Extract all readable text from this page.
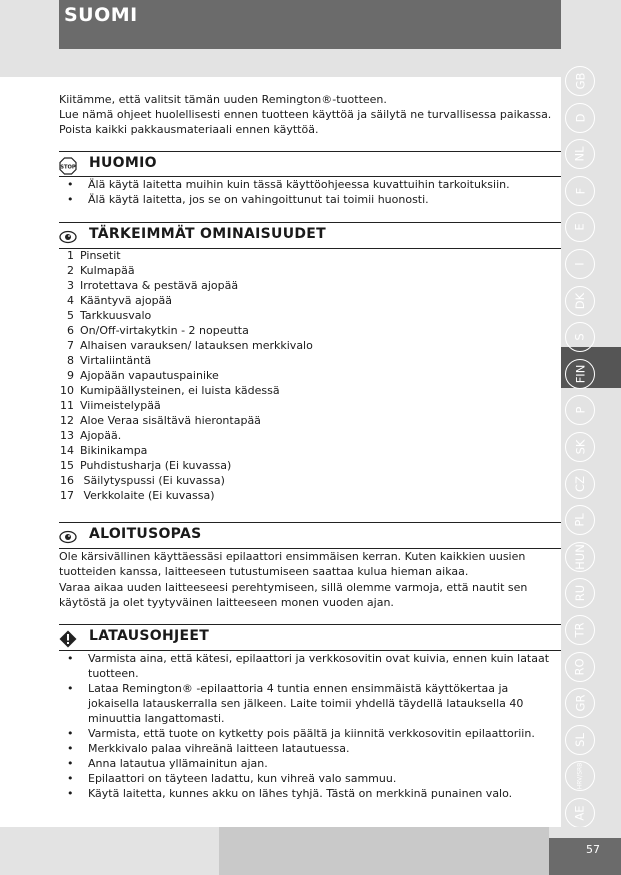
SUOMI
GB
D
NL
F
E
I
DK
S
FIN
P
SK
CZ
PL
HUN
RU
TR
RO
GR
SL
HRV/SRB
AE
57

Kiitämme, että valitsit tämän uuden Remington®-tuotteen.

Lue nämä ohjeet huolellisesti ennen tuotteen käyttöä ja säilytä ne turvallisessa paikassa.

Poista kaikki pakkausmateriaali ennen käyttöä.

STOP HUOMIO
• Älä käytä laitetta muihin kuin tässä käyttöohjeessa kuvattuihin tarkoituksiin.
• Älä käytä laitetta, jos se on vahingoittunut tai toimii huonosti.
TÄRKEIMMÄT OMINAISUUDET
1 Pinsetit
2 Kulmapää
3 Irrotettava & pestävä ajopää
4 Kääntyvä ajopää
5 Tarkkuusvalo
6 On/Off-virtakytkin - 2 nopeutta
7 Alhaisen varauksen/ latauksen merkkivalo
8 Virtaliintäntä
9 Ajopään vapautuspainike
10 Kumipäällysteinen, ei luista kädessä
11 Viimeistelypää
12 Aloe Veraa sisältävä hierontapää
13 Ajopää.
14 Bikinikampa
15 Puhdistusharja (Ei kuvassa)
16 Säilytyspussi (Ei kuvassa)
17 Verkkolaite (Ei kuvassa)
ALOITUSOPAS

Ole kärsivällinen käyttäessäsi epilaattori ensimmäisen kerran. Kuten kaikkien uusien tuotteiden kanssa, laitteeseen tutustumiseen saattaa kulua hieman aikaa.

Varaa aikaa uuden laitteeseesi perehtymiseen, sillä olemme varmoja, että nautit sen käytöstä ja olet tyytyväinen laitteeseen monen vuoden ajan.

LATAUSOHJEET
• Varmista aina, että kätesi, epilaattori ja verkkosovitin ovat kuivia, ennen kuin lataat tuotteen.
• Lataa Remington® -epilaattoria 4 tuntia ennen ensimmäistä käyttökertaa ja jokaisella latauskerralla sen jälkeen. Laite toimii yhdellä täydellä latauksella 40 minuuttia langattomasti.
• Varmista, että tuote on kytketty pois päältä ja kiinnitä verkkosovitin epilaattoriin.
• Merkkivalo palaa vihreänä laitteen latautuessa.
• Anna latautua yllämainitun ajan.
• Epilaattori on täyteen ladattu, kun vihreä valo sammuu.
• Käytä laitetta, kunnes akku on lähes tyhjä. Tästä on merkkinä punainen valo.
